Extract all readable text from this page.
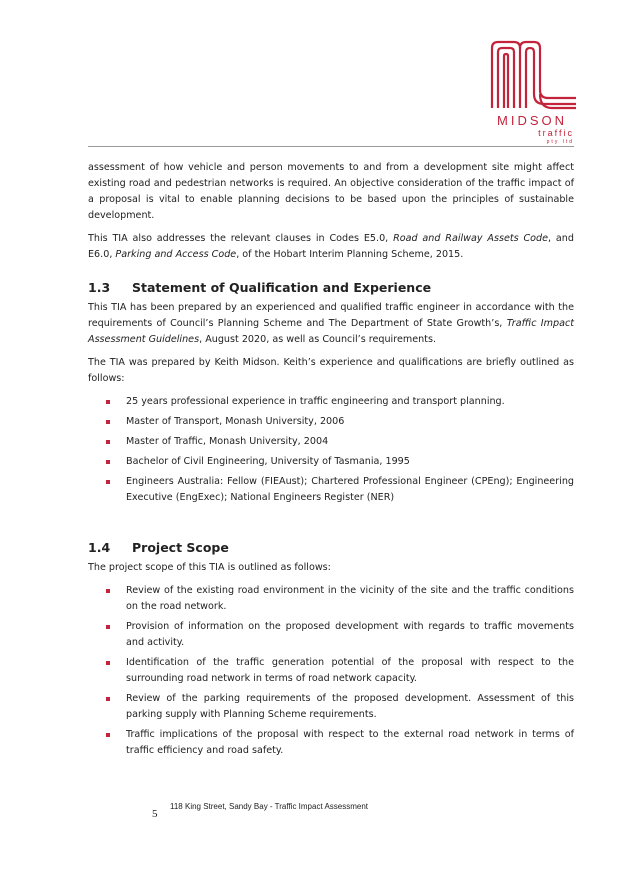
MIDSON
traffic
pty ltd

assessment of how vehicle and person movements to and from a development site might affect existing road and pedestrian networks is required. An objective consideration of the traffic impact of a proposal is vital to enable planning decisions to be based upon the principles of sustainable development.

This TIA also addresses the relevant clauses in Codes E5.0, Road and Railway Assets Code, and E6.0, Parking and Access Code, of the Hobart Interim Planning Scheme, 2015.

1.3	Statement of Qualification and Experience

This TIA has been prepared by an experienced and qualified traffic engineer in accordance with the requirements of Council’s Planning Scheme and The Department of State Growth’s, Traffic Impact Assessment Guidelines, August 2020, as well as Council’s requirements.

The TIA was prepared by Keith Midson. Keith’s experience and qualifications are briefly outlined as follows:

25 years professional experience in traffic engineering and transport planning.
Master of Transport, Monash University, 2006
Master of Traffic, Monash University, 2004
Bachelor of Civil Engineering, University of Tasmania, 1995
Engineers Australia: Fellow (FIEAust); Chartered Professional Engineer (CPEng); Engineering Executive (EngExec); National Engineers Register (NER)
1.4	Project Scope

The project scope of this TIA is outlined as follows:

Review of the existing road environment in the vicinity of the site and the traffic conditions on the road network.
Provision of information on the proposed development with regards to traffic movements and activity.
Identification of the traffic generation potential of the proposal with respect to the surrounding road network in terms of road network capacity.
Review of the parking requirements of the proposed development. Assessment of this parking supply with Planning Scheme requirements.
Traffic implications of the proposal with respect to the external road network in terms of traffic efficiency and road safety.
5
118 King Street, Sandy Bay - Traffic Impact Assessment
